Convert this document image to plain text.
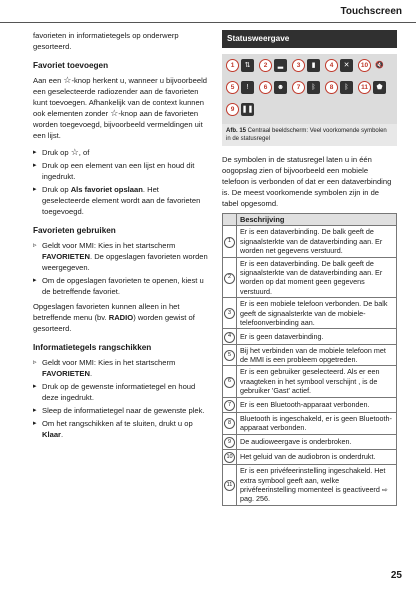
Touchscreen

favorieten in informatietegels op onderwerp gesorteerd.

Favoriet toevoegen

Aan een ☆-knop herkent u, wanneer u bijvoorbeeld een geselecteerde radiozender aan de favorieten kunt toevoegen. Afhankelijk van de context kunnen ook elementen zonder ☆-knop aan de favorieten worden toegevoegd, bijvoorbeeld vermeldingen uit een lijst.

▸ Druk op ☆, of
▸ Druk op een element van een lijst en houd dit ingedrukt.
▸ Druk op Als favoriet opslaan. Het geselecteerde element wordt aan de favorieten toegevoegd.
Favorieten gebruiken
▹ Geldt voor MMI: Kies in het startscherm FAVORIETEN. De opgeslagen favorieten worden weergegeven.
▸ Om de opgeslagen favorieten te openen, kiest u de betreffende favoriet.

Opgeslagen favorieten kunnen alleen in het betreffende menu (bv. RADIO) worden gewist of gesorteerd.

Informatietegels rangschikken
▹ Geldt voor MMI: Kies in het startscherm FAVORIETEN.
▸ Druk op de gewenste informatietegel en houd deze ingedrukt.
▸ Sleep de informatietegel naar de gewenste plek.
▸ Om het rangschikken af te sluiten, drukt u op Klaar.
Statusweergave
1	⇅	2	▂	3	▮	4	✕	10	🔇
5	!	6	☻	7	ᛒ	8	ᛒ	11	⬟
9	❚❚
Afb. 15 Centraal beeldscherm: Veel voorkomende symbolen in de statusregel

De symbolen in de statusregel laten u in één oogopslag zien of bijvoorbeeld een mobiele telefoon is verbonden of dat er een dataverbinding is. De meest voorkomende symbolen zijn in de tabel opgesomd.

	Beschrijving
1	Er is een dataverbinding. De balk geeft de signaalsterkte van de dataverbinding aan. Er worden net gegevens verstuurd.
2	Er is een dataverbinding. De balk geeft de signaalsterkte van de dataverbinding aan. Er worden op dat moment geen gegevens verstuurd.
3	Er is een mobiele telefoon verbonden. De balk geeft de signaalsterkte van de mobiele-telefoonverbinding aan.
4	Er is geen dataverbinding.
5	Bij het verbinden van de mobiele telefoon met de MMI is een probleem opgetreden.
6	Er is een gebruiker geselecteerd. Als er een vraagteken in het symbool verschijnt , is de gebruiker 'Gast' actief.
7	Er is een Bluetooth-apparaat verbonden.
8	Bluetooth is ingeschakeld, er is geen Bluetooth-apparaat verbonden.
9	De audioweergave is onderbroken.
10	Het geluid van de audiobron is onderdrukt.
11	Er is een privéfeerinstelling ingeschakeld. Het extra symbool geeft aan, welke privéfeerinstelling momenteel is geactiveerd ⇨ pag. 256.
25
